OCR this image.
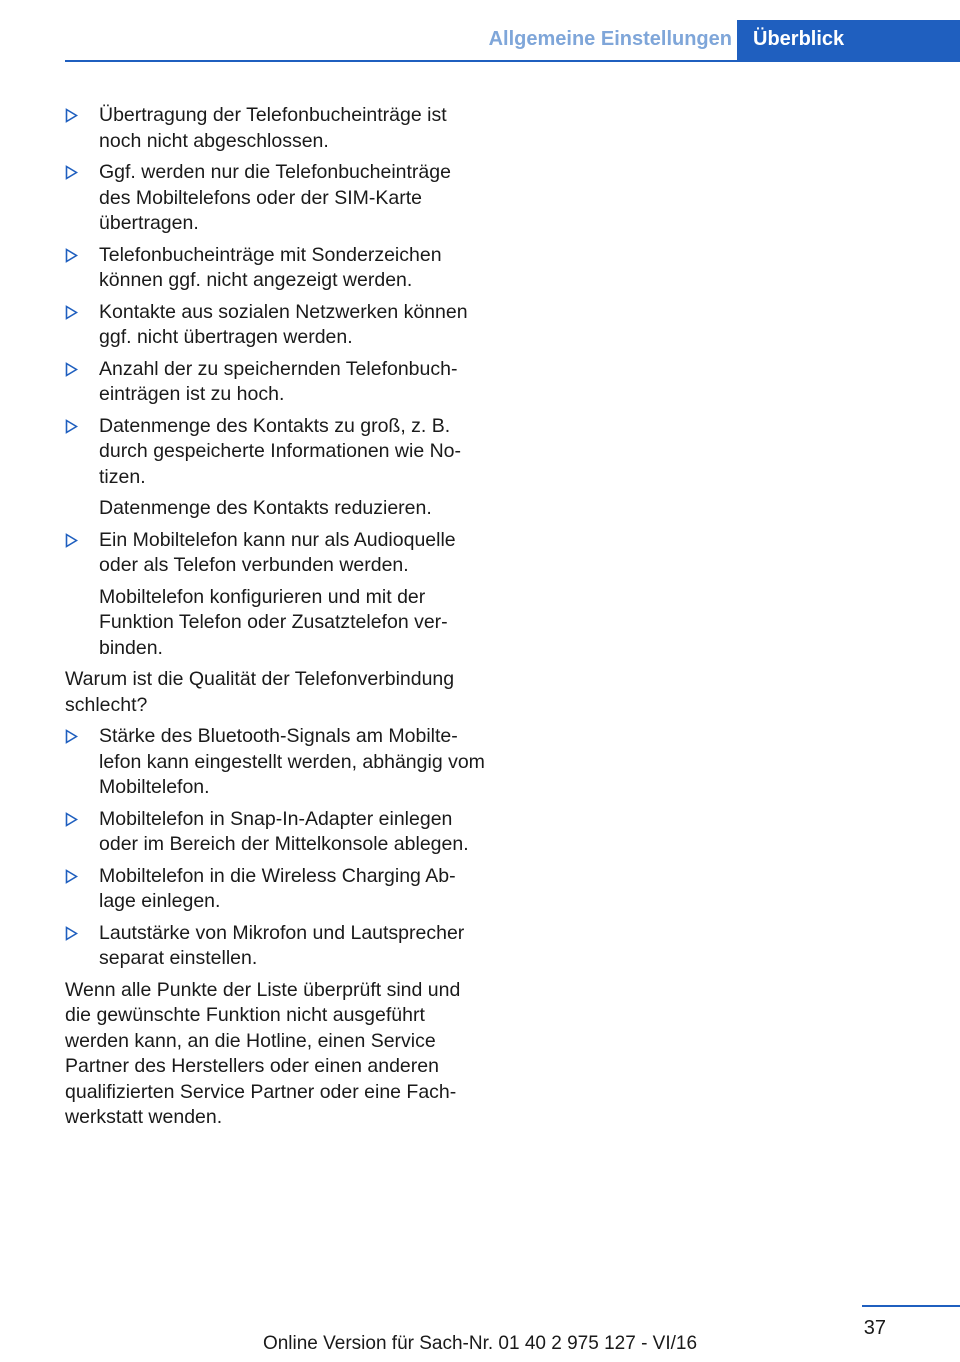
Allgemeine Einstellungen	Überblick
Übertragung der Telefonbucheinträge ist noch nicht abgeschlossen.
Ggf. werden nur die Telefonbucheinträge des Mobiltelefons oder der SIM-Karte übertragen.
Telefonbucheinträge mit Sonderzeichen können ggf. nicht angezeigt werden.
Kontakte aus sozialen Netzwerken können ggf. nicht übertragen werden.
Anzahl der zu speichernden Telefonbuch-einträgen ist zu hoch.
Datenmenge des Kontakts zu groß, z. B. durch gespeicherte Informationen wie No-tizen.
Datenmenge des Kontakts reduzieren.
Ein Mobiltelefon kann nur als Audioquelle oder als Telefon verbunden werden.
Mobiltelefon konfigurieren und mit der Funktion Telefon oder Zusatztelefon ver-binden.

Warum ist die Qualität der Telefonverbindung schlecht?

Stärke des Bluetooth-Signals am Mobilte-lefon kann eingestellt werden, abhängig vom Mobiltelefon.
Mobiltelefon in Snap-In-Adapter einlegen oder im Bereich der Mittelkonsole ablegen.
Mobiltelefon in die Wireless Charging Ab-lage einlegen.
Lautstärke von Mikrofon und Lautsprecher separat einstellen.

Wenn alle Punkte der Liste überprüft sind und die gewünschte Funktion nicht ausgeführt werden kann, an die Hotline, einen Service Partner des Herstellers oder einen anderen qualifizierten Service Partner oder eine Fach-werkstatt wenden.

37
Online Version für Sach-Nr. 01 40 2 975 127 - VI/16
